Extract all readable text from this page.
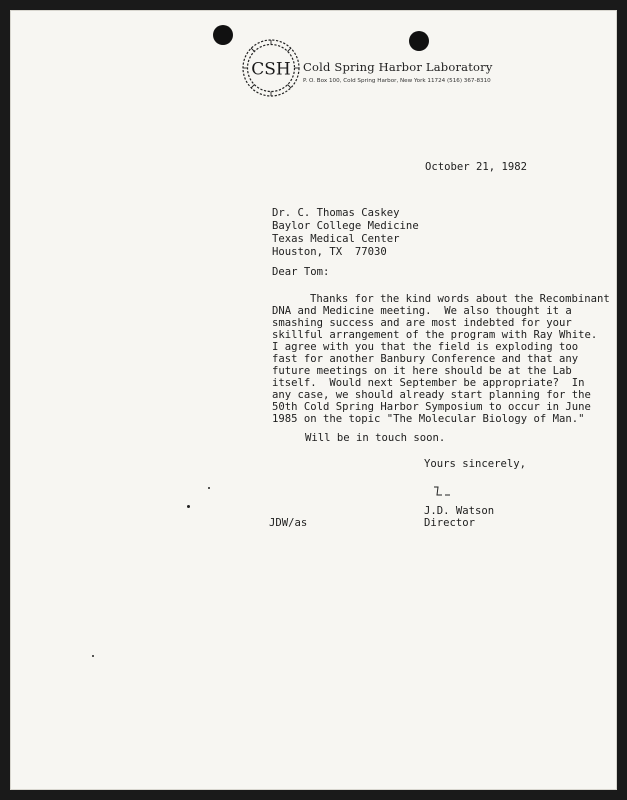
CSH Cold Spring Harbor Laboratory
P. O. Box 100, Cold Spring Harbor, New York 11724 (516) 367-8310
October 21, 1982
Dr. C. Thomas Caskey
Baylor College Medicine
Texas Medical Center
Houston, TX  77030
Dear Tom:
Thanks for the kind words about the Recombinant
DNA and Medicine meeting.  We also thought it a
smashing success and are most indebted for your
skillful arrangement of the program with Ray White.
I agree with you that the field is exploding too
fast for another Banbury Conference and that any
future meetings on it here should be at the Lab
itself.  Would next September be appropriate?  In
any case, we should already start planning for the
50th Cold Spring Harbor Symposium to occur in June
1985 on the topic "The Molecular Biology of Man."
Will be in touch soon.
Yours sincerely,
J.D. Watson
Director
JDW/as
